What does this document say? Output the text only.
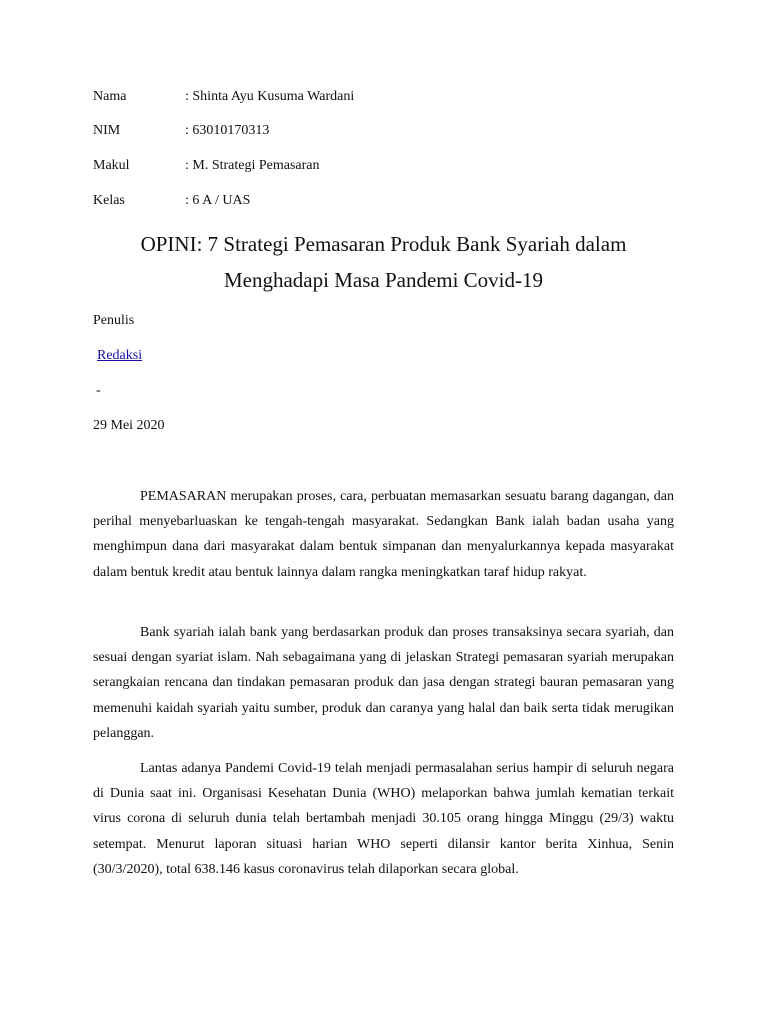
Nama	: Shinta Ayu Kusuma Wardani
NIM	: 63010170313
Makul	: M. Strategi Pemasaran
Kelas	: 6 A / UAS
OPINI: 7 Strategi Pemasaran Produk Bank Syariah dalam
Menghadapi Masa Pandemi Covid-19
Penulis
Redaksi
-
29 Mei 2020

PEMASARAN merupakan proses, cara, perbuatan memasarkan sesuatu barang dagangan, dan perihal menyebarluaskan ke tengah-tengah masyarakat. Sedangkan Bank ialah badan usaha yang menghimpun dana dari masyarakat dalam bentuk simpanan dan menyalurkannya kepada masyarakat dalam bentuk kredit atau bentuk lainnya dalam rangka meningkatkan taraf hidup rakyat.

Bank syariah ialah bank yang berdasarkan produk dan proses transaksinya secara syariah, dan sesuai dengan syariat islam. Nah sebagaimana yang di jelaskan Strategi pemasaran syariah merupakan serangkaian rencana dan tindakan pemasaran produk dan jasa dengan strategi bauran pemasaran yang memenuhi kaidah syariah yaitu sumber, produk dan caranya yang halal dan baik serta tidak merugikan pelanggan.

Lantas adanya Pandemi Covid-19 telah menjadi permasalahan serius hampir di seluruh negara di Dunia saat ini. Organisasi Kesehatan Dunia (WHO) melaporkan bahwa jumlah kematian terkait virus corona di seluruh dunia telah bertambah menjadi 30.105 orang hingga Minggu (29/3) waktu setempat. Menurut laporan situasi harian WHO seperti dilansir kantor berita Xinhua, Senin (30/3/2020), total 638.146 kasus coronavirus telah dilaporkan secara global.
